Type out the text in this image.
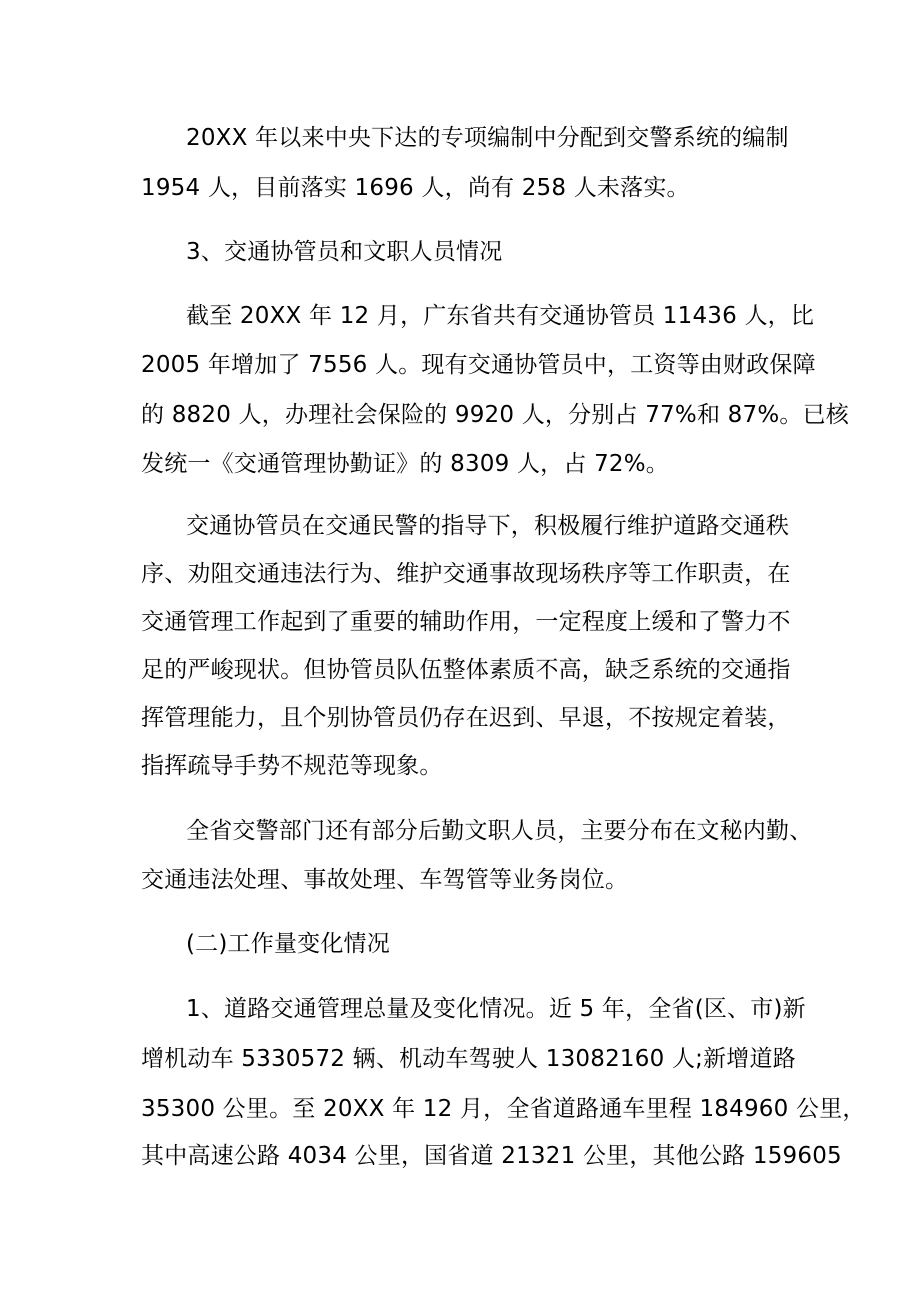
20XX 年以来中央下达的专项编制中分配到交警系统的编制
1954 人，目前落实 1696 人，尚有 258 人未落实。
3、交通协管员和文职人员情况
截至 20XX 年 12 月，广东省共有交通协管员 11436 人，比
2005 年增加了 7556 人。现有交通协管员中，工资等由财政保障
的 8820 人，办理社会保险的 9920 人，分别占 77%和 87%。已核
发统一《交通管理协勤证》的 8309 人，占 72%。
交通协管员在交通民警的指导下，积极履行维护道路交通秩
序、劝阻交通违法行为、维护交通事故现场秩序等工作职责，在
交通管理工作起到了重要的辅助作用，一定程度上缓和了警力不
足的严峻现状。但协管员队伍整体素质不高，缺乏系统的交通指
挥管理能力，且个别协管员仍存在迟到、早退，不按规定着装，
指挥疏导手势不规范等现象。
全省交警部门还有部分后勤文职人员，主要分布在文秘内勤、
交通违法处理、事故处理、车驾管等业务岗位。
(二)工作量变化情况
1、道路交通管理总量及变化情况。近 5 年，全省(区、市)新
增机动车 5330572 辆、机动车驾驶人 13082160 人;新增道路
35300 公里。至 20XX 年 12 月，全省道路通车里程 184960 公里，
其中高速公路 4034 公里，国省道 21321 公里，其他公路 159605
